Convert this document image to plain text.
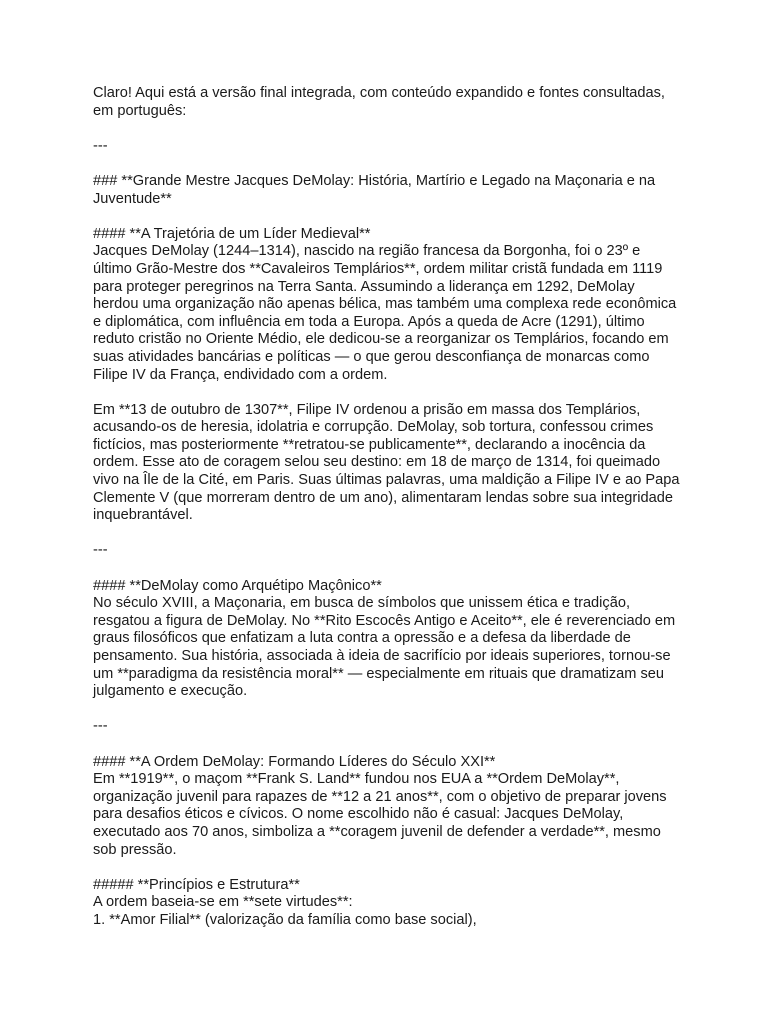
Claro! Aqui está a versão final integrada, com conteúdo expandido e fontes consultadas, em português:

---

### **Grande Mestre Jacques DeMolay: História, Martírio e Legado na Maçonaria e na Juventude**

#### **A Trajetória de um Líder Medieval**

Jacques DeMolay (1244–1314), nascido na região francesa da Borgonha, foi o 23º e último Grão-Mestre dos **Cavaleiros Templários**, ordem militar cristã fundada em 1119 para proteger peregrinos na Terra Santa. Assumindo a liderança em 1292, DeMolay herdou uma organização não apenas bélica, mas também uma complexa rede econômica e diplomática, com influência em toda a Europa. Após a queda de Acre (1291), último reduto cristão no Oriente Médio, ele dedicou-se a reorganizar os Templários, focando em suas atividades bancárias e políticas — o que gerou desconfiança de monarcas como Filipe IV da França, endividado com a ordem.

Em **13 de outubro de 1307**, Filipe IV ordenou a prisão em massa dos Templários, acusando-os de heresia, idolatria e corrupção. DeMolay, sob tortura, confessou crimes fictícios, mas posteriormente **retratou-se publicamente**, declarando a inocência da ordem. Esse ato de coragem selou seu destino: em 18 de março de 1314, foi queimado vivo na Île de la Cité, em Paris. Suas últimas palavras, uma maldição a Filipe IV e ao Papa Clemente V (que morreram dentro de um ano), alimentaram lendas sobre sua integridade inquebrantável.

---

#### **DeMolay como Arquétipo Maçônico**

No século XVIII, a Maçonaria, em busca de símbolos que unissem ética e tradição, resgatou a figura de DeMolay. No **Rito Escocês Antigo e Aceito**, ele é reverenciado em graus filosóficos que enfatizam a luta contra a opressão e a defesa da liberdade de pensamento. Sua história, associada à ideia de sacrifício por ideais superiores, tornou-se um **paradigma da resistência moral** — especialmente em rituais que dramatizam seu julgamento e execução.

---

#### **A Ordem DeMolay: Formando Líderes do Século XXI**

Em **1919**, o maçom **Frank S. Land** fundou nos EUA a **Ordem DeMolay**, organização juvenil para rapazes de **12 a 21 anos**, com o objetivo de preparar jovens para desafios éticos e cívicos. O nome escolhido não é casual: Jacques DeMolay, executado aos 70 anos, simboliza a **coragem juvenil de defender a verdade**, mesmo sob pressão.

##### **Princípios e Estrutura**

A ordem baseia-se em **sete virtudes**:

1. **Amor Filial** (valorização da família como base social),
